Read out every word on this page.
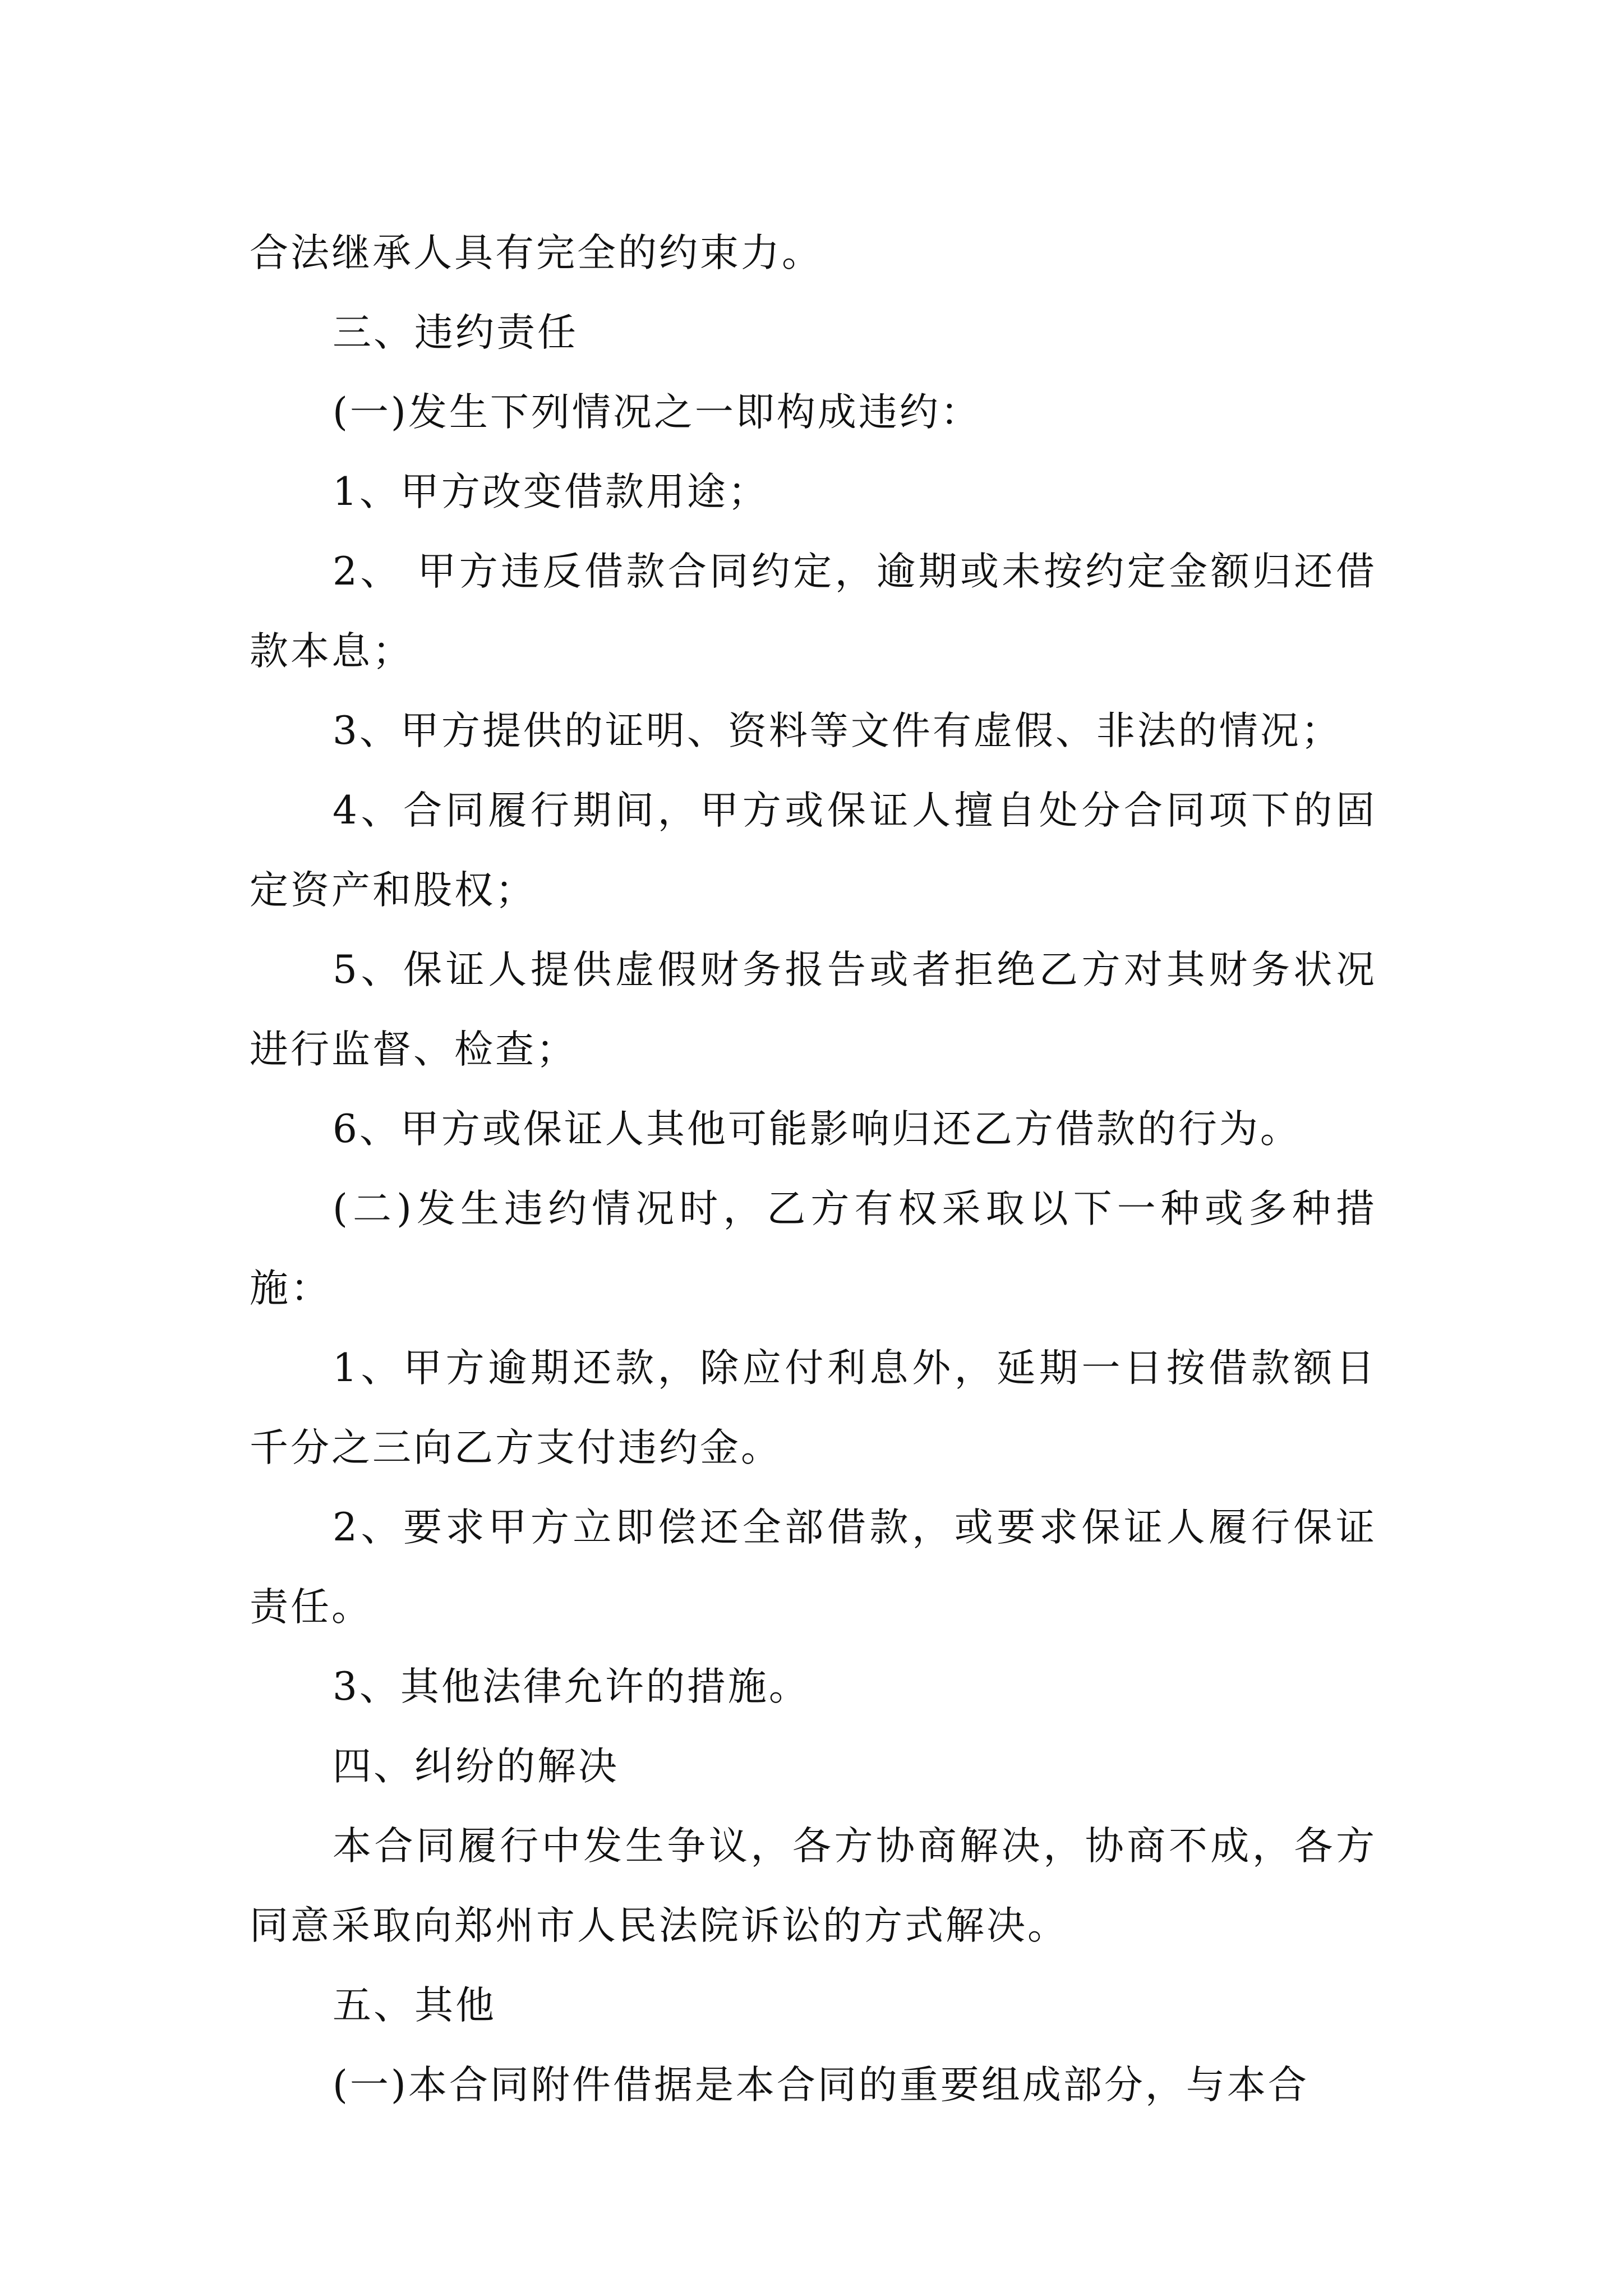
合法继承人具有完全的约束力。

三、违约责任

(一)发生下列情况之一即构成违约：

1、甲方改变借款用途；

2、 甲方违反借款合同约定，逾期或未按约定金额归还借款本息；

3、甲方提供的证明、资料等文件有虚假、非法的情况；

4、合同履行期间，甲方或保证人擅自处分合同项下的固定资产和股权；

5、保证人提供虚假财务报告或者拒绝乙方对其财务状况进行监督、检查；

6、甲方或保证人其他可能影响归还乙方借款的行为。

(二)发生违约情况时，乙方有权采取以下一种或多种措施：

1、甲方逾期还款，除应付利息外，延期一日按借款额日千分之三向乙方支付违约金。

2、要求甲方立即偿还全部借款，或要求保证人履行保证责任。

3、其他法律允许的措施。

四、纠纷的解决

本合同履行中发生争议，各方协商解决，协商不成，各方同意采取向郑州市人民法院诉讼的方式解决。

五、其他

(一)本合同附件借据是本合同的重要组成部分，与本合
